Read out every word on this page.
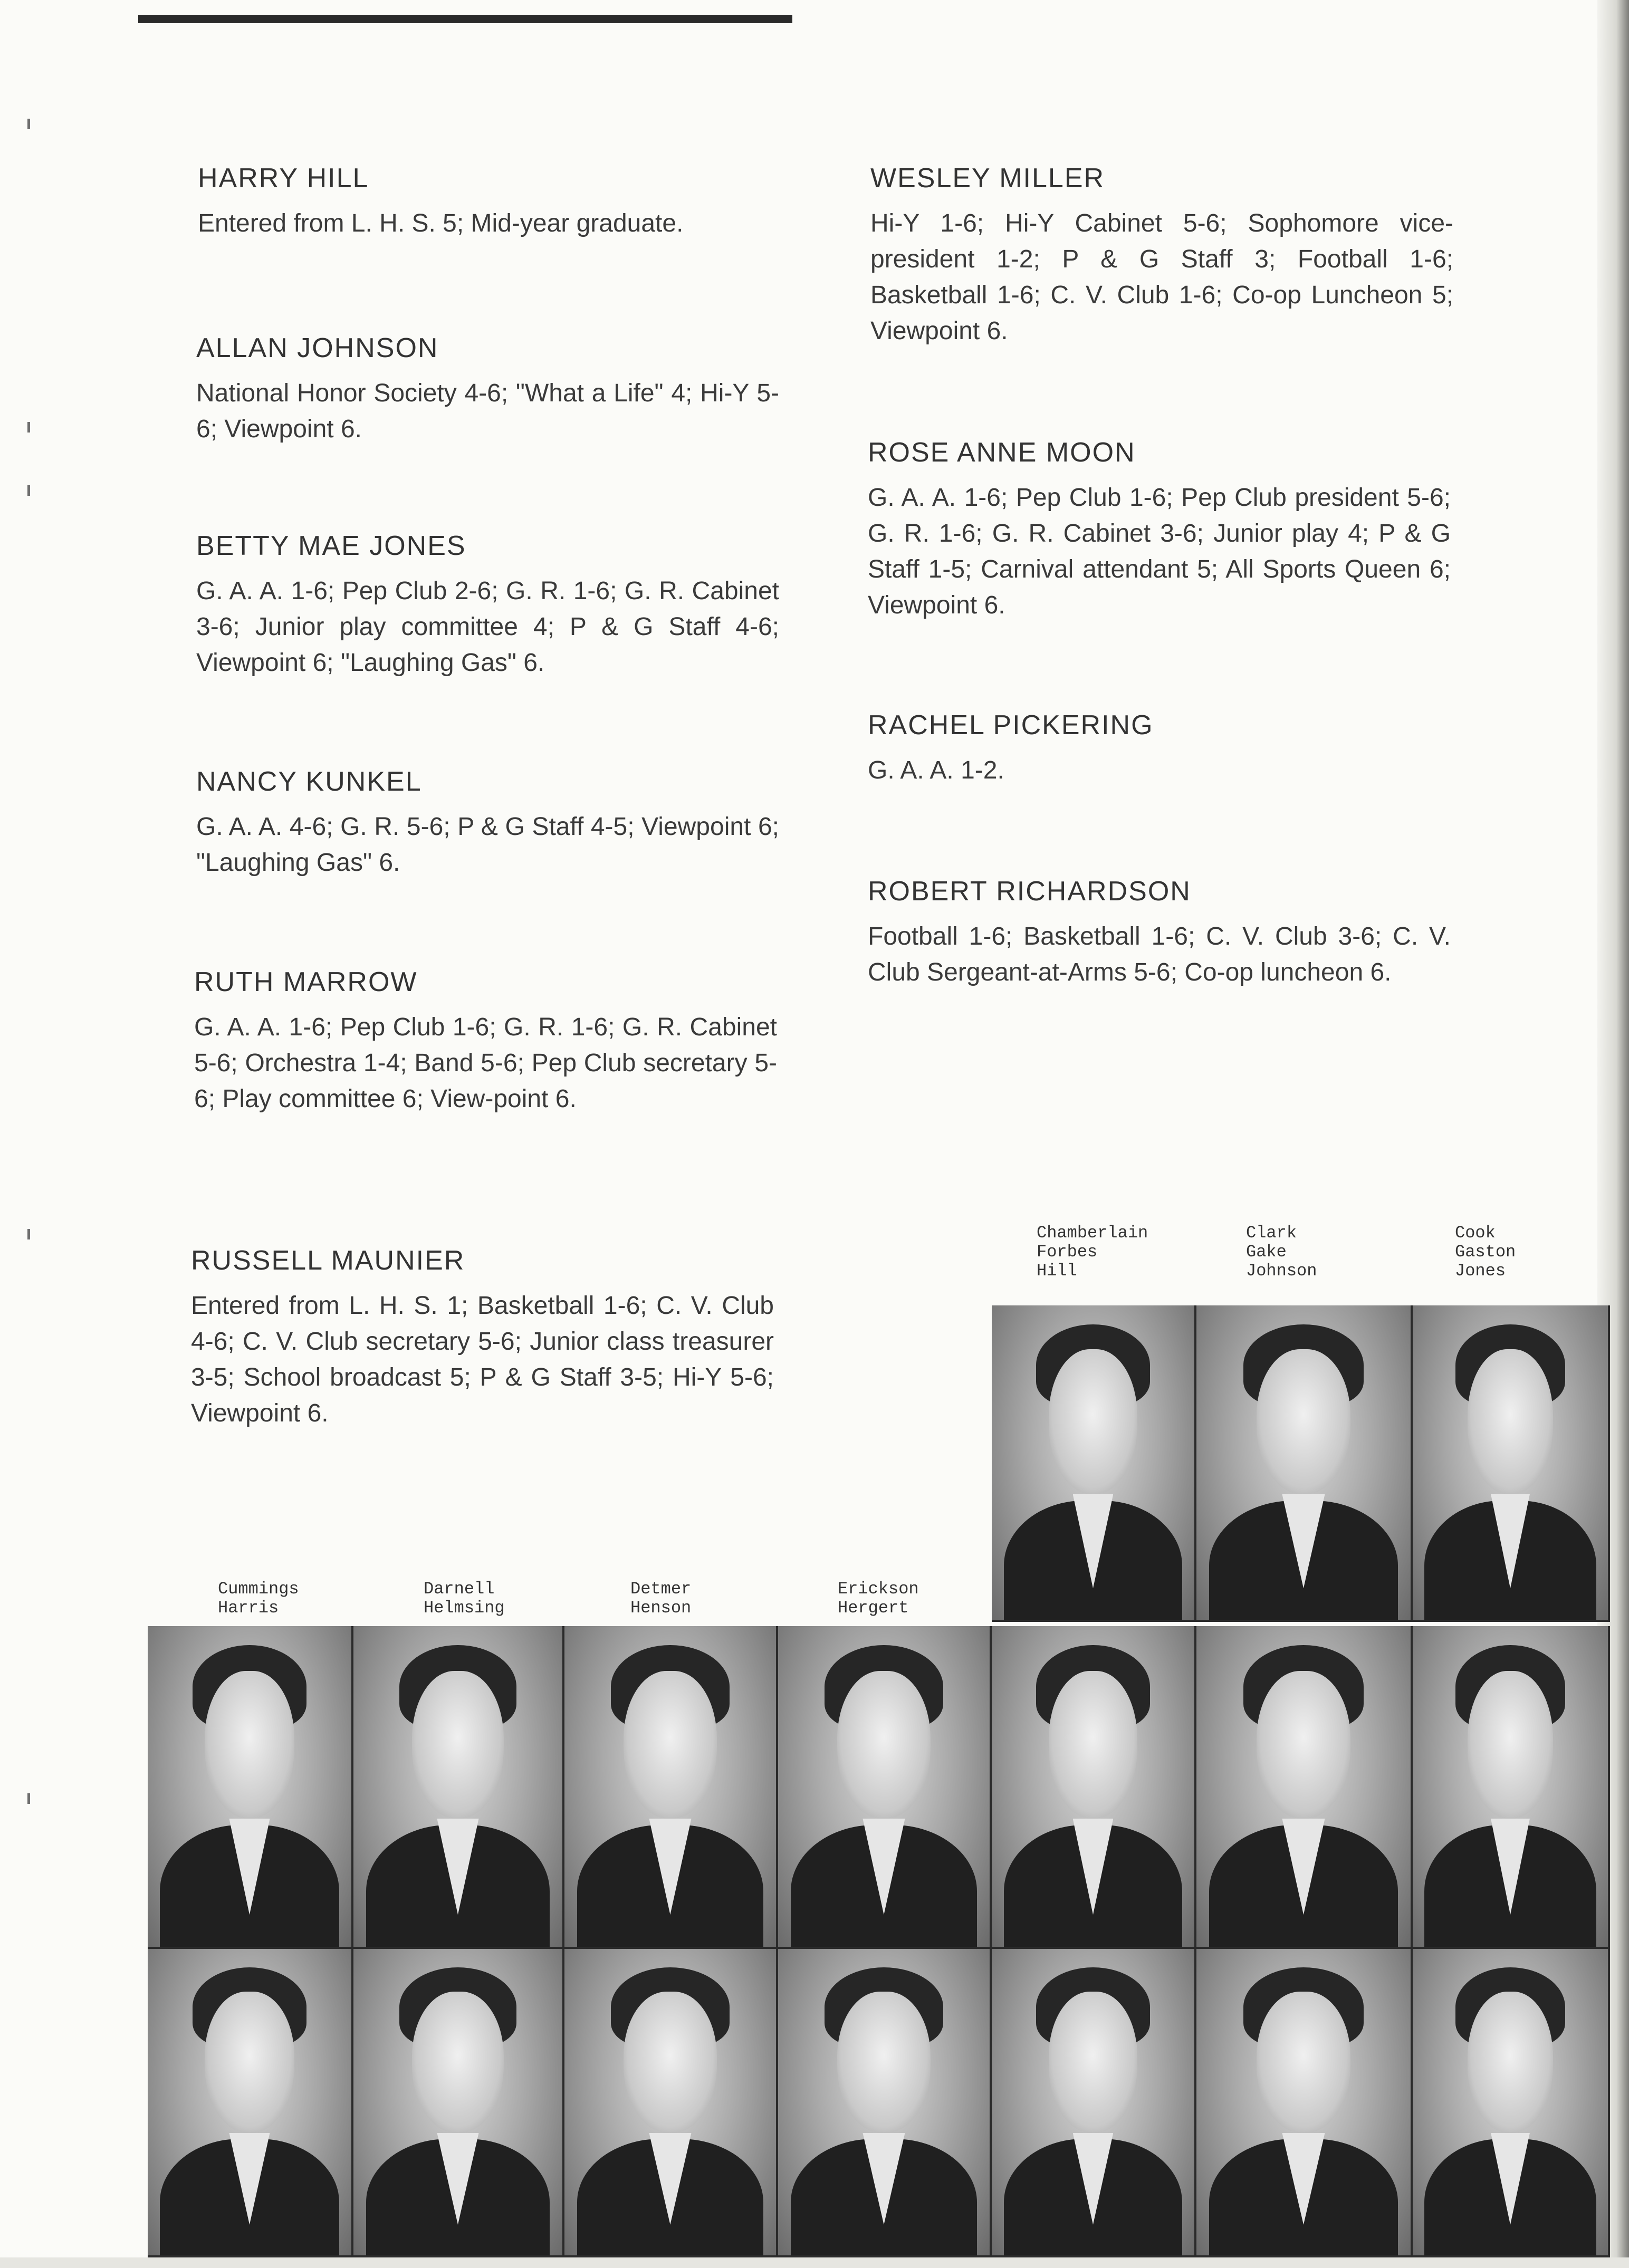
HARRY HILL
Entered from L. H. S. 5; Mid-year graduate.
ALLAN JOHNSON
National Honor Society 4-6; "What a Life" 4; Hi-Y 5-6; Viewpoint 6.
BETTY MAE JONES
G. A. A. 1-6; Pep Club 2-6; G. R. 1-6; G. R. Cabinet 3-6; Junior play committee 4; P & G Staff 4-6; Viewpoint 6; "Laughing Gas" 6.
NANCY KUNKEL
G. A. A. 4-6; G. R. 5-6; P & G Staff 4-5; Viewpoint 6; "Laughing Gas" 6.
RUTH MARROW
G. A. A. 1-6; Pep Club 1-6; G. R. 1-6; G. R. Cabinet 5-6; Orchestra 1-4; Band 5-6; Pep Club secretary 5-6; Play committee 6; View-point 6.
RUSSELL MAUNIER
Entered from L. H. S. 1; Basketball 1-6; C. V. Club 4-6; C. V. Club secretary 5-6; Junior class treasurer 3-5; School broadcast 5; P & G Staff 3-5; Hi-Y 5-6; Viewpoint 6.
WESLEY MILLER
Hi-Y 1-6; Hi-Y Cabinet 5-6; Sophomore vice-president 1-2; P & G Staff 3; Football 1-6; Basketball 1-6; C. V. Club 1-6; Co-op Luncheon 5; Viewpoint 6.
ROSE ANNE MOON
G. A. A. 1-6; Pep Club 1-6; Pep Club president 5-6; G. R. 1-6; G. R. Cabinet 3-6; Junior play 4; P & G Staff 1-5; Carnival attendant 5; All Sports Queen 6; Viewpoint 6.
RACHEL PICKERING
G. A. A. 1-2.
ROBERT RICHARDSON
Football 1-6; Basketball 1-6; C. V. Club 3-6; C. V. Club Sergeant-at-Arms 5-6; Co-op luncheon 6.
Chamberlain
Forbes
Hill
Clark
Gake
Johnson
Cook
Gaston
Jones
Cummings
Harris
Darnell
Helmsing
Detmer
Henson
Erickson
Hergert
